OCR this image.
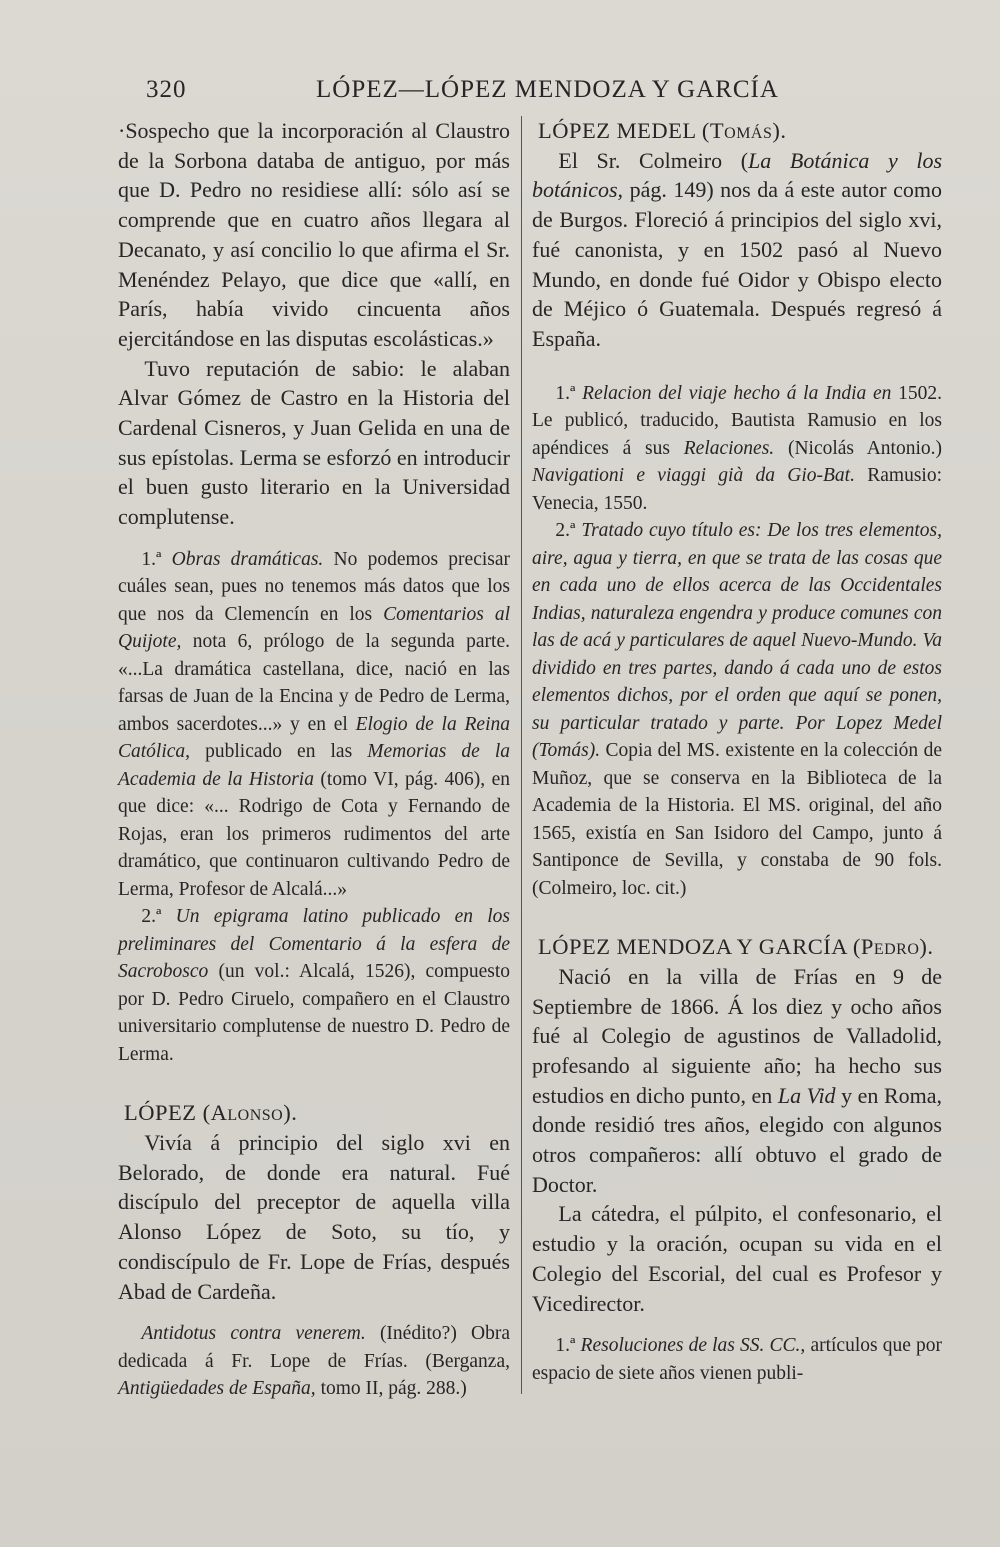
320	LÓPEZ—LÓPEZ MENDOZA Y GARCÍA

·Sospecho que la incorporación al Claustro de la Sorbona databa de antiguo, por más que D. Pedro no residiese allí: sólo así se comprende que en cuatro años llegara al Decanato, y así concilio lo que afirma el Sr. Menéndez Pelayo, que dice que «allí, en París, había vivido cincuenta años ejercitándose en las disputas escolásticas.»

Tuvo reputación de sabio: le alaban Alvar Gómez de Castro en la Historia del Cardenal Cisneros, y Juan Gelida en una de sus epístolas. Lerma se esforzó en introducir el buen gusto literario en la Universidad complutense.

1.ª Obras dramáticas. No podemos precisar cuáles sean, pues no tenemos más datos que los que nos da Clemencín en los Comentarios al Quijote, nota 6, prólogo de la segunda parte. «...La dramática castellana, dice, nació en las farsas de Juan de la Encina y de Pedro de Lerma, ambos sacerdotes...» y en el Elogio de la Reina Católica, publicado en las Memorias de la Academia de la Historia (tomo VI, pág. 406), en que dice: «... Rodrigo de Cota y Fernando de Rojas, eran los primeros rudimentos del arte dramático, que continuaron cultivando Pedro de Lerma, Profesor de Alcalá...»

2.ª Un epigrama latino publicado en los preliminares del Comentario á la esfera de Sacrobosco (un vol.: Alcalá, 1526), compuesto por D. Pedro Ciruelo, compañero en el Claustro universitario complutense de nuestro D. Pedro de Lerma.

LÓPEZ (Alonso).

Vivía á principio del siglo xvi en Belorado, de donde era natural. Fué discípulo del preceptor de aquella villa Alonso López de Soto, su tío, y condiscípulo de Fr. Lope de Frías, después Abad de Cardeña.

Antidotus contra venerem. (Inédito?) Obra dedicada á Fr. Lope de Frías. (Berganza, Antigüedades de España, tomo II, pág. 288.)

LÓPEZ MEDEL (Tomás).

El Sr. Colmeiro (La Botánica y los botánicos, pág. 149) nos da á este autor como de Burgos. Floreció á principios del siglo xvi, fué canonista, y en 1502 pasó al Nuevo Mundo, en donde fué Oidor y Obispo electo de Méjico ó Guatemala. Después regresó á España.

1.ª Relacion del viaje hecho á la India en 1502. Le publicó, traducido, Bautista Ramusio en los apéndices á sus Relaciones. (Nicolás Antonio.) Navigationi e viaggi già da Gio-Bat. Ramusio: Venecia, 1550.

2.ª Tratado cuyo título es: De los tres elementos, aire, agua y tierra, en que se trata de las cosas que en cada uno de ellos acerca de las Occidentales Indias, naturaleza engendra y produce comunes con las de acá y particulares de aquel Nuevo-Mundo. Va dividido en tres partes, dando á cada uno de estos elementos dichos, por el orden que aquí se ponen, su particular tratado y parte. Por Lopez Medel (Tomás). Copia del MS. existente en la colección de Muñoz, que se conserva en la Biblioteca de la Academia de la Historia. El MS. original, del año 1565, existía en San Isidoro del Campo, junto á Santiponce de Sevilla, y constaba de 90 fols. (Colmeiro, loc. cit.)

LÓPEZ MENDOZA Y GARCÍA (Pedro).

Nació en la villa de Frías en 9 de Septiembre de 1866. Á los diez y ocho años fué al Colegio de agustinos de Valladolid, profesando al siguiente año; ha hecho sus estudios en dicho punto, en La Vid y en Roma, donde residió tres años, elegido con algunos otros compañeros: allí obtuvo el grado de Doctor.

La cátedra, el púlpito, el confesonario, el estudio y la oración, ocupan su vida en el Colegio del Escorial, del cual es Profesor y Vicedirector.

1.ª Resoluciones de las SS. CC., artículos que por espacio de siete años vienen publi-
